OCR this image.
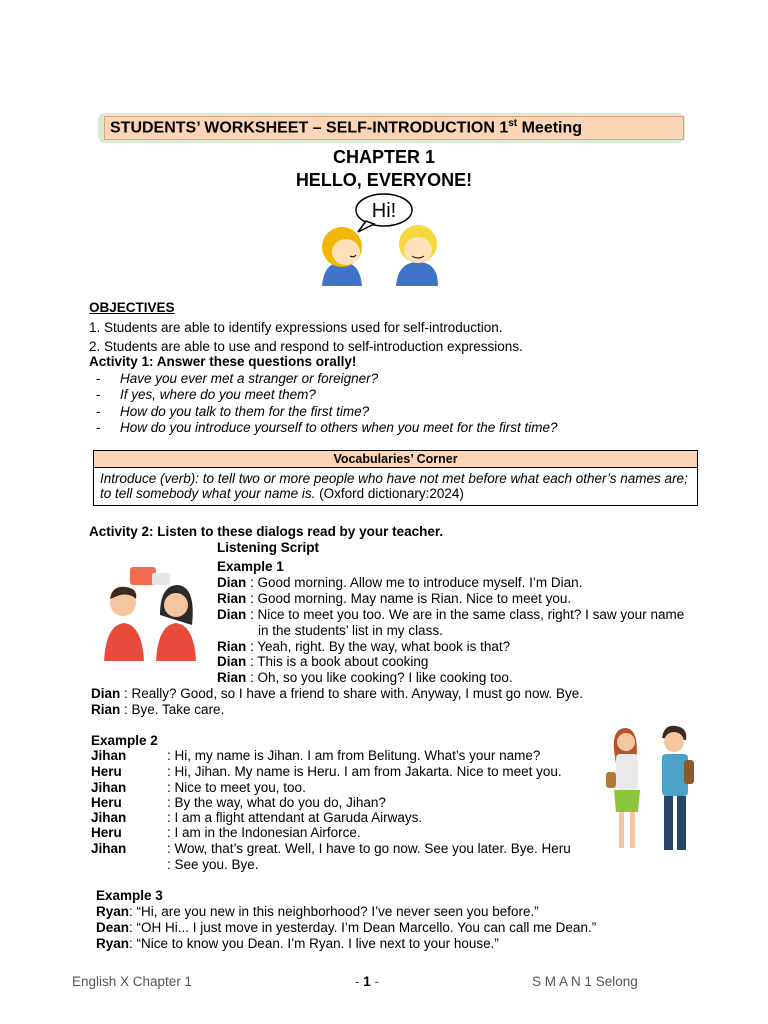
STUDENTS’ WORKSHEET – SELF-INTRODUCTION 1st Meeting
CHAPTER 1
HELLO, EVERYONE!
Hi!
OBJECTIVES
1. Students are able to identify expressions used for self-introduction.
2. Students are able to use and respond to self-introduction expressions.
Activity 1: Answer these questions orally!
- Have you ever met a stranger or foreigner?
- If yes, where do you meet them?
- How do you talk to them for the first time?
- How do you introduce yourself to others when you meet for the first time?
Vocabularies’ Corner
Introduce (verb): to tell two or more people who have not met before what each other’s names are; to tell somebody what your name is. (Oxford dictionary:2024)
Activity 2: Listen to these dialogs read by your teacher.
Listening Script
Example 1
Dian : Good morning. Allow me to introduce myself. I’m Dian.
Rian : Good morning. May name is Rian. Nice to meet you.
Dian : Nice to meet you too. We are in the same class, right? I saw your name
in the students’ list in my class.
Rian : Yeah, right. By the way, what book is that?
Dian : This is a book about cooking
Rian : Oh, so you like cooking? I like cooking too.
Dian : Really? Good, so I have a friend to share with. Anyway, I must go now. Bye.
Rian : Bye. Take care.
Example 2
Jihan	: Hi, my name is Jihan. I am from Belitung. What’s your name?
Heru	: Hi, Jihan. My name is Heru. I am from Jakarta. Nice to meet you.
Jihan	: Nice to meet you, too.
Heru	: By the way, what do you do, Jihan?
Jihan	: I am a flight attendant at Garuda Airways.
Heru	: I am in the Indonesian Airforce.
Jihan	: Wow, that’s great. Well, I have to go now. See you later. Bye. Heru
: See you. Bye.
Example 3
Ryan: “Hi, are you new in this neighborhood? I’ve never seen you before.”
Dean: “OH Hi... I just move in yesterday. I’m Dean Marcello. You can call me Dean.”
Ryan: “Nice to know you Dean. I’m Ryan. I live next to your house.”
English X Chapter 1	- 1 -	S M A N 1 Selong
